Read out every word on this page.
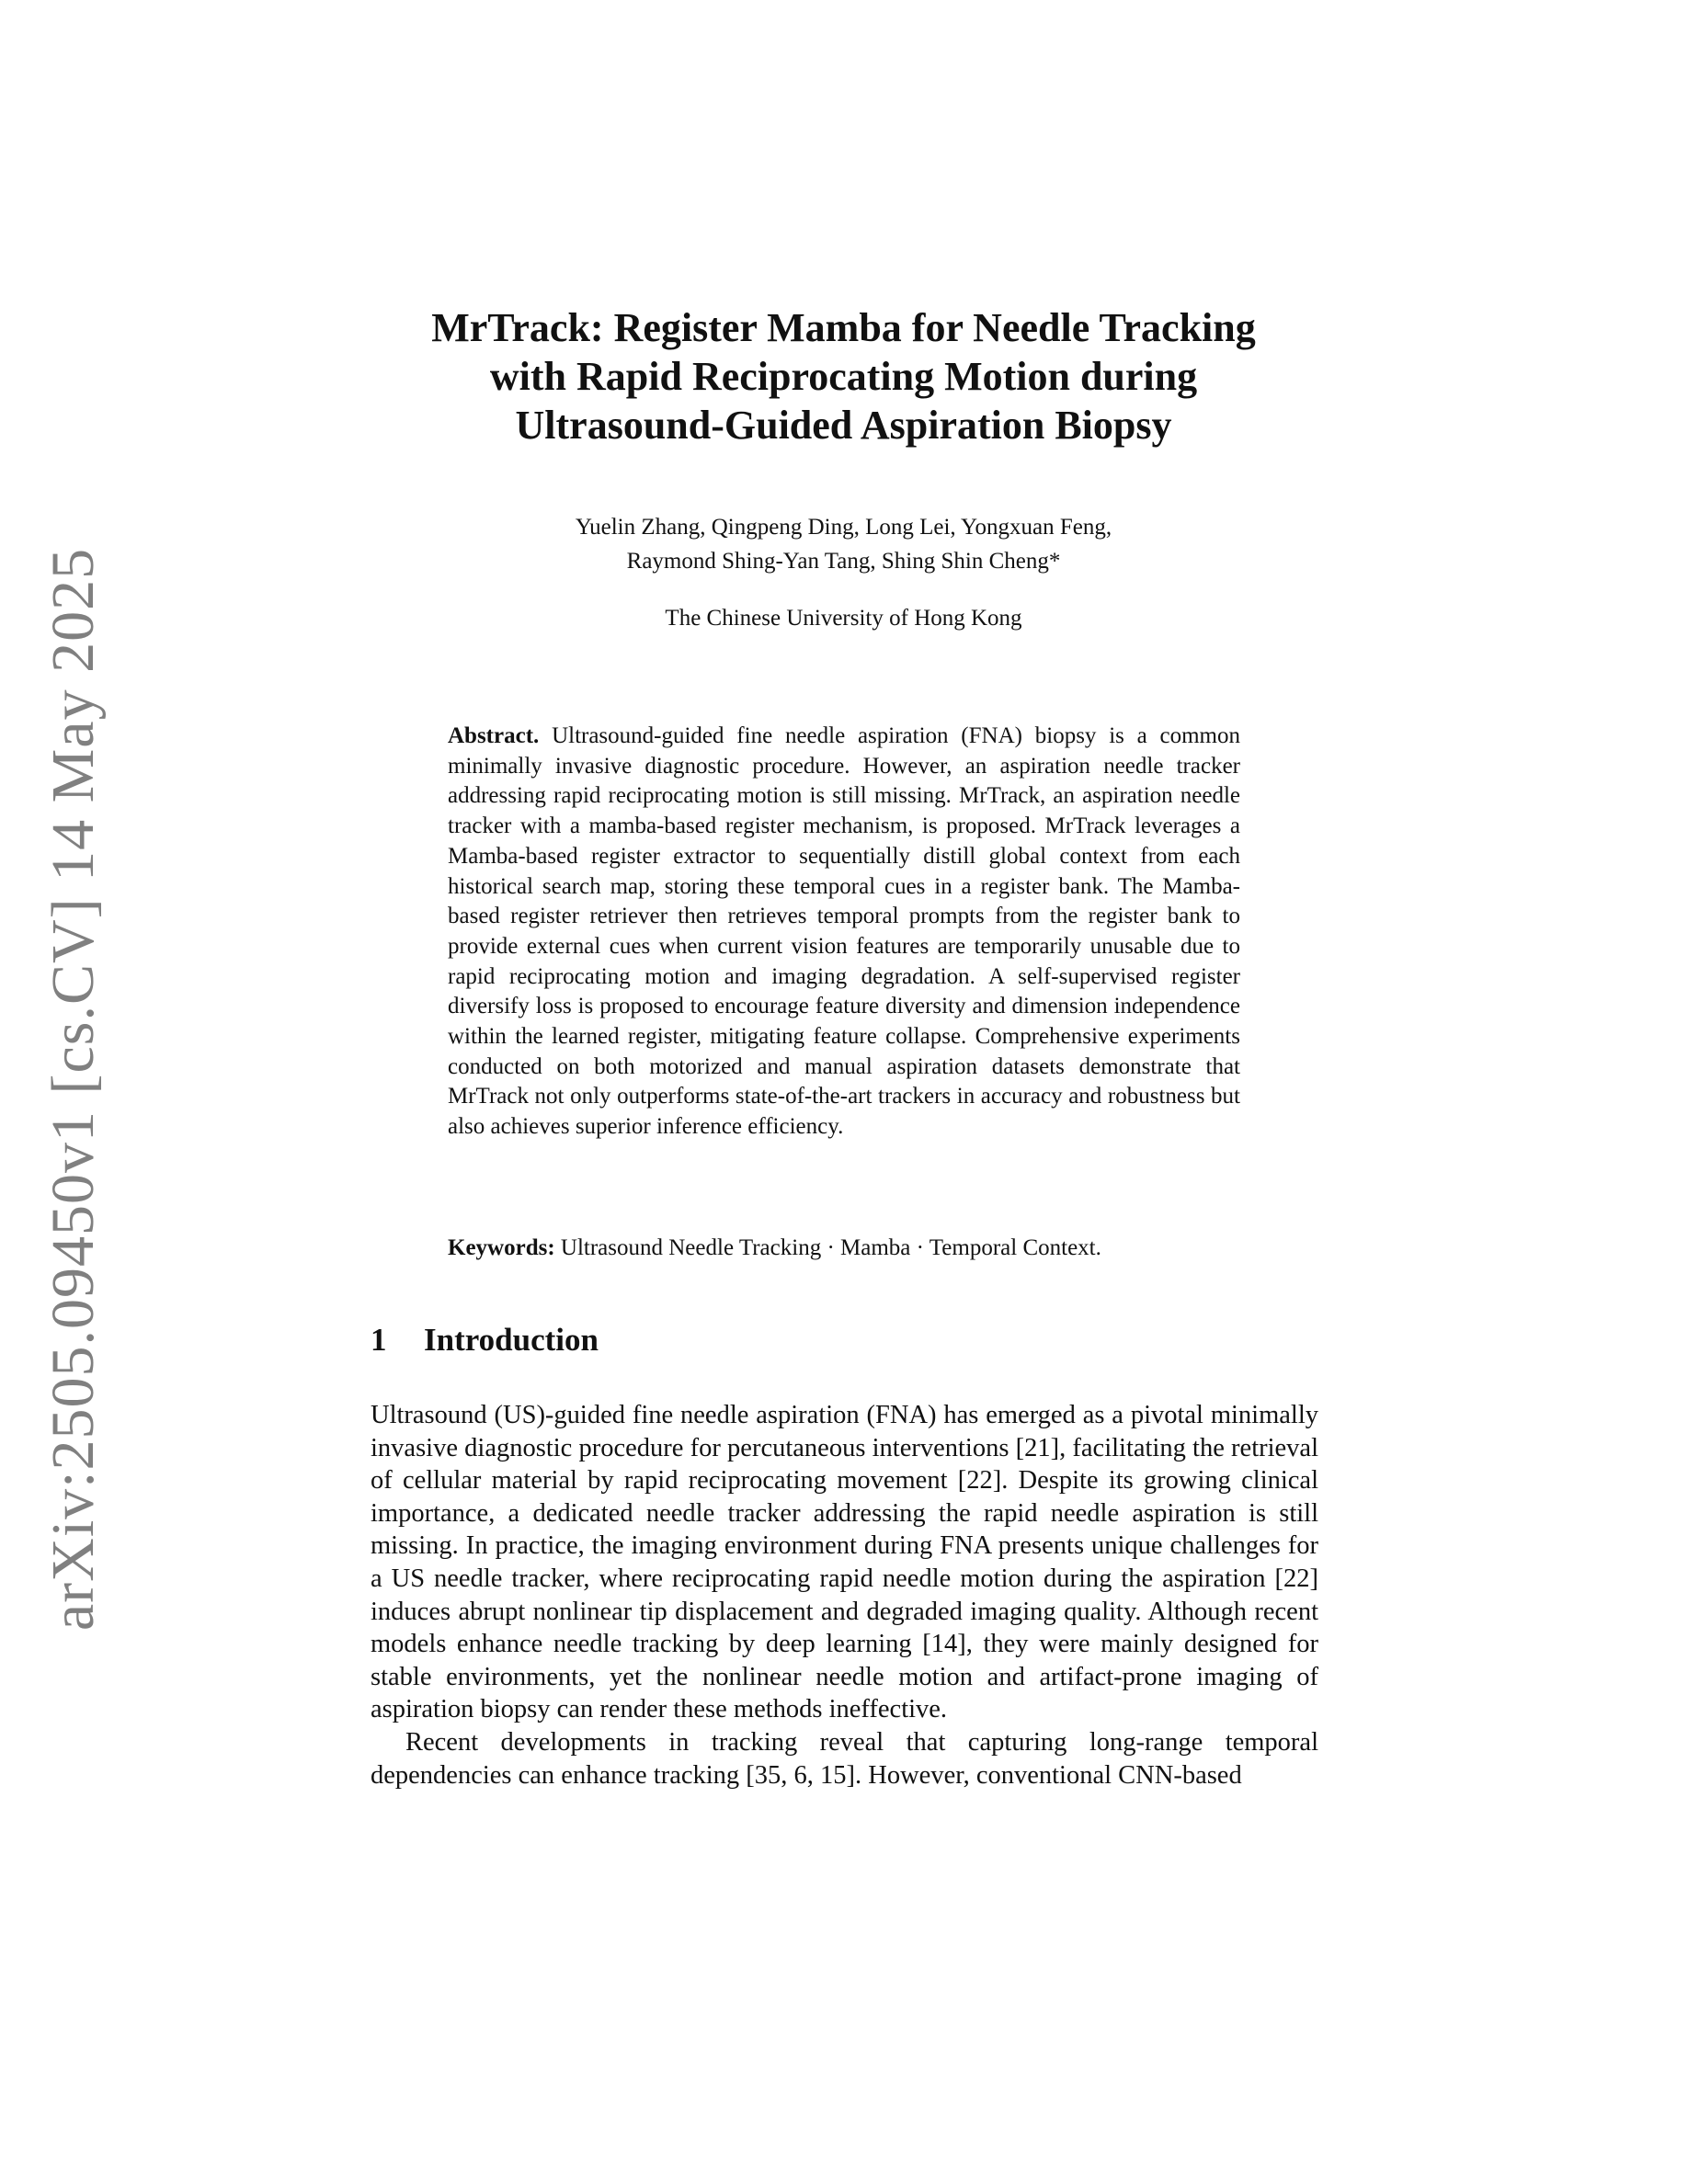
arXiv:2505.09450v1 [cs.CV] 14 May 2025
MrTrack: Register Mamba for Needle Tracking
with Rapid Reciprocating Motion during
Ultrasound-Guided Aspiration Biopsy
Yuelin Zhang, Qingpeng Ding, Long Lei, Yongxuan Feng,
Raymond Shing-Yan Tang, Shing Shin Cheng*
The Chinese University of Hong Kong
Abstract. Ultrasound-guided fine needle aspiration (FNA) biopsy is a common minimally invasive diagnostic procedure. However, an aspiration needle tracker addressing rapid reciprocating motion is still missing. MrTrack, an aspiration needle tracker with a mamba-based register mechanism, is proposed. MrTrack leverages a Mamba-based register extractor to sequentially distill global context from each historical search map, storing these temporal cues in a register bank. The Mamba-based register retriever then retrieves temporal prompts from the register bank to provide external cues when current vision features are temporarily unusable due to rapid reciprocating motion and imaging degradation. A self-supervised register diversify loss is proposed to encourage feature diversity and dimension independence within the learned register, mitigating feature collapse. Comprehensive experiments conducted on both motorized and manual aspiration datasets demonstrate that MrTrack not only outperforms state-of-the-art trackers in accuracy and robustness but also achieves superior inference efficiency.
Keywords: Ultrasound Needle Tracking · Mamba · Temporal Context.
1 Introduction

Ultrasound (US)-guided fine needle aspiration (FNA) has emerged as a pivotal minimally invasive diagnostic procedure for percutaneous interventions [21], facilitating the retrieval of cellular material by rapid reciprocating movement [22]. Despite its growing clinical importance, a dedicated needle tracker addressing the rapid needle aspiration is still missing. In practice, the imaging environment during FNA presents unique challenges for a US needle tracker, where reciprocating rapid needle motion during the aspiration [22] induces abrupt nonlinear tip displacement and degraded imaging quality. Although recent models enhance needle tracking by deep learning [14], they were mainly designed for stable environments, yet the nonlinear needle motion and artifact-prone imaging of aspiration biopsy can render these methods ineffective.

Recent developments in tracking reveal that capturing long-range temporal dependencies can enhance tracking [35, 6, 15]. However, conventional CNN-based
